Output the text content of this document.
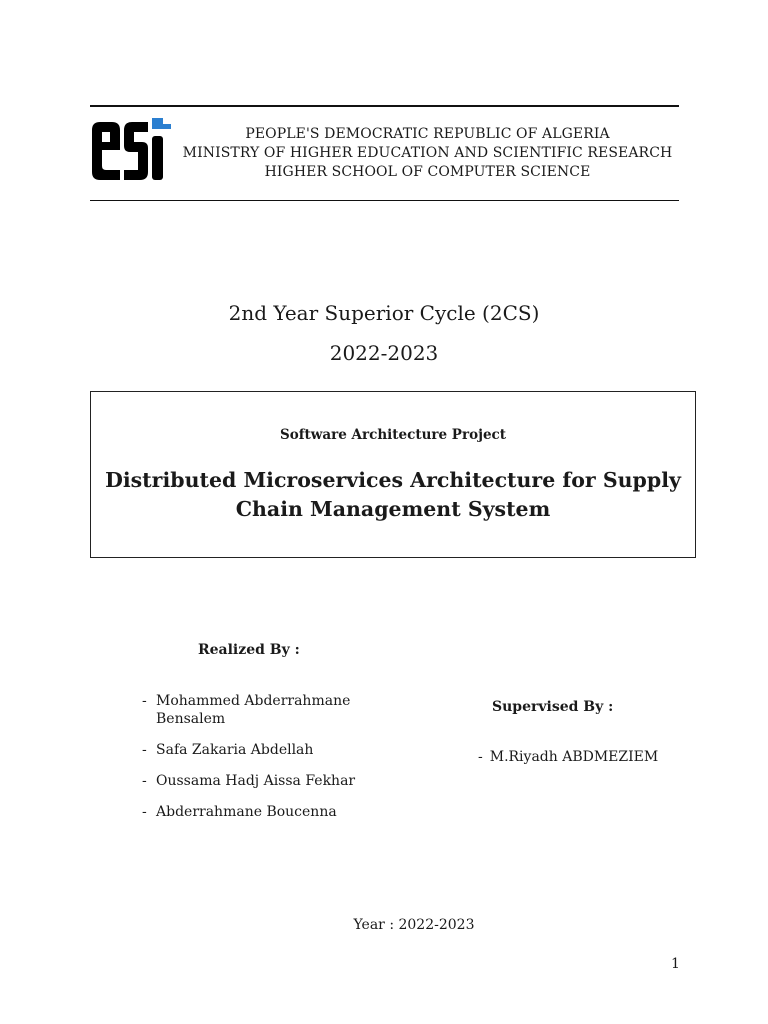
PEOPLE'S DEMOCRATIC REPUBLIC OF ALGERIA
MINISTRY OF HIGHER EDUCATION AND SCIENTIFIC RESEARCH
HIGHER SCHOOL OF COMPUTER SCIENCE
2nd Year Superior Cycle (2CS)
2022-2023
Software Architecture Project
Distributed Microservices Architecture for Supply Chain Management System
Realized By :
- Mohammed Abderrahmane Bensalem
- Safa Zakaria Abdellah
- Oussama Hadj Aissa Fekhar
- Abderrahmane Boucenna
Supervised By :
- M.Riyadh ABDMEZIEM
Year : 2022-2023
1
